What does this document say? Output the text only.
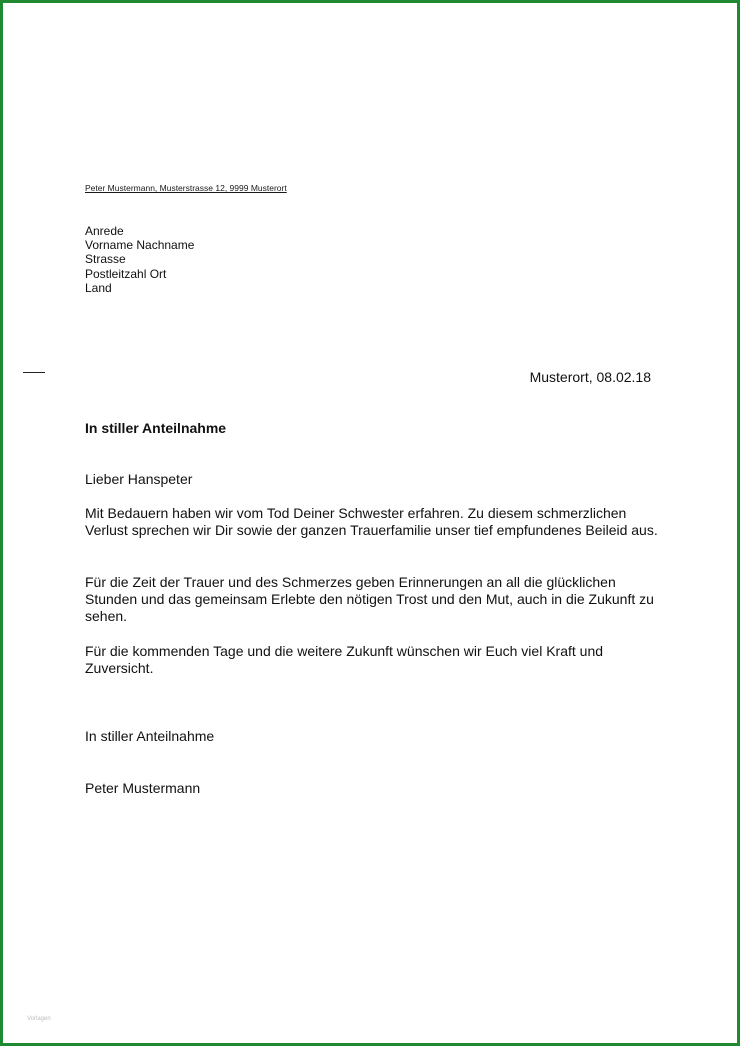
Peter Mustermann, Musterstrasse 12, 9999 Musterort
Anrede
Vorname Nachname
Strasse
Postleitzahl Ort
Land
Musterort, 08.02.18
In stiller Anteilnahme
Lieber Hanspeter
Mit Bedauern haben wir vom Tod Deiner Schwester erfahren. Zu diesem schmerzlichen Verlust sprechen wir Dir sowie der ganzen Trauerfamilie unser tief empfundenes Beileid aus.
Für die Zeit der Trauer und des Schmerzes geben Erinnerungen an all die glücklichen Stunden und das gemeinsam Erlebte den nötigen Trost und den Mut, auch in die Zukunft zu sehen.
Für die kommenden Tage und die weitere Zukunft wünschen wir Euch viel Kraft und Zuversicht.
In stiller Anteilnahme
Peter Mustermann
Vorlagen
